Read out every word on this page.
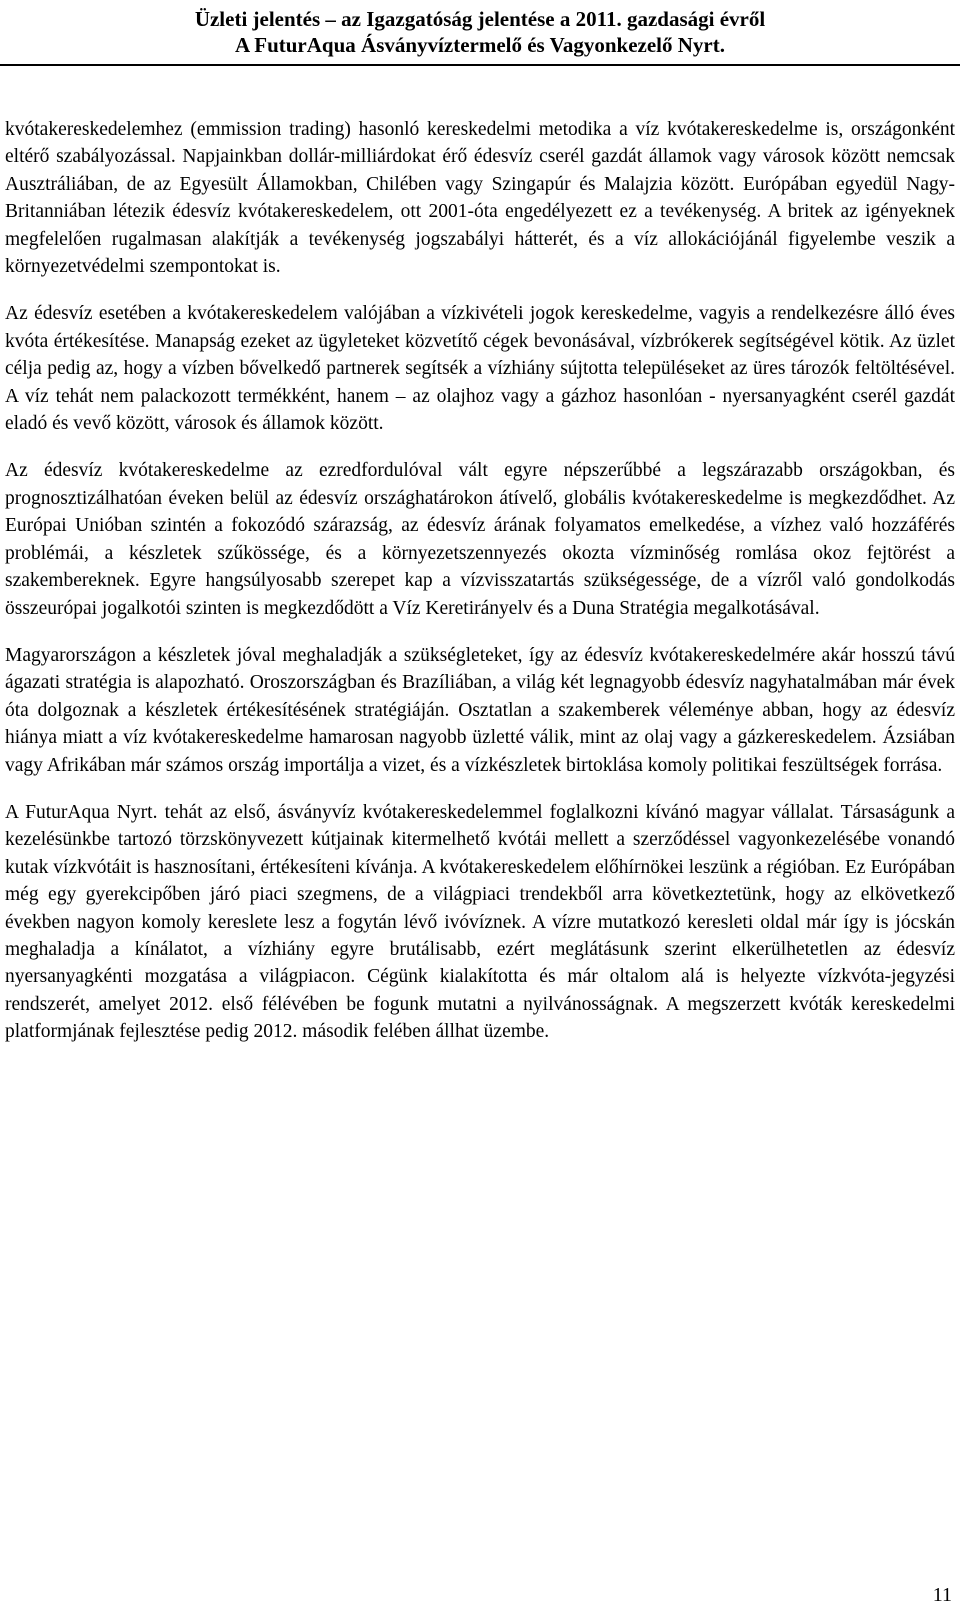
Üzleti jelentés – az Igazgatóság jelentése a 2011. gazdasági évről
A FuturAqua Ásványvíztermelő és Vagyonkezelő Nyrt.

kvótakereskedelemhez (emmission trading) hasonló kereskedelmi metodika a víz kvótakereskedelme is, országonként eltérő szabályozással. Napjainkban dollár-milliárdokat érő édesvíz cserél gazdát államok vagy városok között nemcsak Ausztráliában, de az Egyesült Államokban, Chilében vagy Szingapúr és Malajzia között. Európában egyedül Nagy-Britanniában létezik édesvíz kvótakereskedelem, ott 2001-óta engedélyezett ez a tevékenység. A britek az igényeknek megfelelően rugalmasan alakítják a tevékenység jogszabályi hátterét, és a víz allokációjánál figyelembe veszik a környezetvédelmi szempontokat is.

Az édesvíz esetében a kvótakereskedelem valójában a vízkivételi jogok kereskedelme, vagyis a rendelkezésre álló éves kvóta értékesítése. Manapság ezeket az ügyleteket közvetítő cégek bevonásával, vízbrókerek segítségével kötik. Az üzlet célja pedig az, hogy a vízben bővelkedő partnerek segítsék a vízhiány sújtotta településeket az üres tározók feltöltésével. A víz tehát nem palackozott termékként, hanem – az olajhoz vagy a gázhoz hasonlóan - nyersanyagként cserél gazdát eladó és vevő között, városok és államok között.

Az édesvíz kvótakereskedelme az ezredfordulóval vált egyre népszerűbbé a legszárazabb országokban, és prognosztizálhatóan éveken belül az édesvíz országhatárokon átívelő, globális kvótakereskedelme is megkezdődhet. Az Európai Unióban szintén a fokozódó szárazság, az édesvíz árának folyamatos emelkedése, a vízhez való hozzáférés problémái, a készletek szűkössége, és a környezetszennyezés okozta vízminőség romlása okoz fejtörést a szakembereknek. Egyre hangsúlyosabb szerepet kap a vízvisszatartás szükségessége, de a vízről való gondolkodás összeurópai jogalkotói szinten is megkezdődött a Víz Keretirányelv és a Duna Stratégia megalkotásával.

Magyarországon a készletek jóval meghaladják a szükségleteket, így az édesvíz kvótakereskedelmére akár hosszú távú ágazati stratégia is alapozható. Oroszországban és Brazíliában, a világ két legnagyobb édesvíz nagyhatalmában már évek óta dolgoznak a készletek értékesítésének stratégiáján. Osztatlan a szakemberek véleménye abban, hogy az édesvíz hiánya miatt a víz kvótakereskedelme hamarosan nagyobb üzletté válik, mint az olaj vagy a gázkereskedelem. Ázsiában vagy Afrikában már számos ország importálja a vizet, és a vízkészletek birtoklása komoly politikai feszültségek forrása.

A FuturAqua Nyrt. tehát az első, ásványvíz kvótakereskedelemmel foglalkozni kívánó magyar vállalat. Társaságunk a kezelésünkbe tartozó törzskönyvezett kútjainak kitermelhető kvótái mellett a szerződéssel vagyonkezelésébe vonandó kutak vízkvótáit is hasznosítani, értékesíteni kívánja. A kvótakereskedelem előhírnökei leszünk a régióban. Ez Európában még egy gyerekcipőben járó piaci szegmens, de a világpiaci trendekből arra következtetünk, hogy az elkövetkező években nagyon komoly kereslete lesz a fogytán lévő ivóvíznek. A vízre mutatkozó keresleti oldal már így is jócskán meghaladja a kínálatot, a vízhiány egyre brutálisabb, ezért meglátásunk szerint elkerülhetetlen az édesvíz nyersanyagkénti mozgatása a világpiacon. Cégünk kialakította és már oltalom alá is helyezte vízkvóta-jegyzési rendszerét, amelyet 2012. első félévében be fogunk mutatni a nyilvánosságnak. A megszerzett kvóták kereskedelmi platformjának fejlesztése pedig 2012. második felében állhat üzembe.

11
